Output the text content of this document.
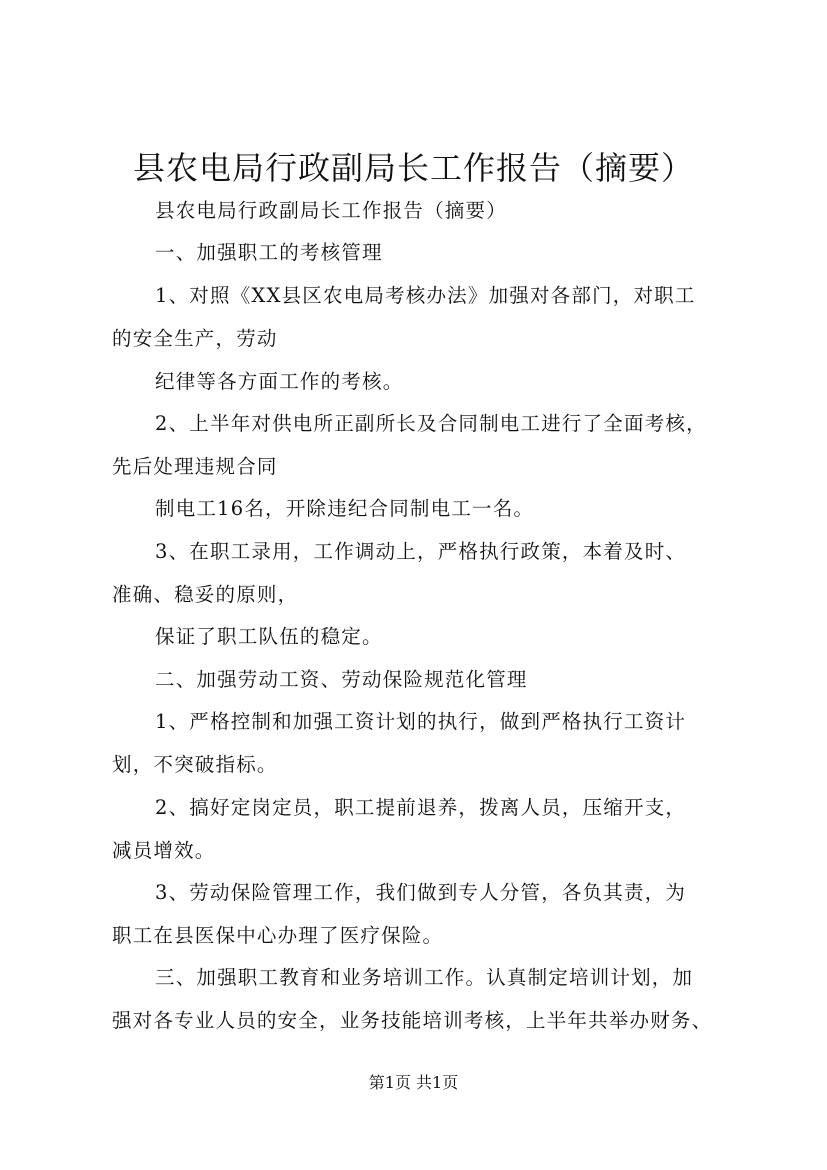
县农电局行政副局长工作报告（摘要）
县农电局行政副局长工作报告（摘要）
一、加强职工的考核管理
1、对照《XX县区农电局考核办法》加强对各部门，对职工
的安全生产，劳动
纪律等各方面工作的考核。
2、上半年对供电所正副所长及合同制电工进行了全面考核，
先后处理违规合同
制电工16名，开除违纪合同制电工一名。
3、在职工录用，工作调动上，严格执行政策，本着及时、
准确、稳妥的原则，
保证了职工队伍的稳定。
二、加强劳动工资、劳动保险规范化管理
1、严格控制和加强工资计划的执行，做到严格执行工资计
划，不突破指标。
2、搞好定岗定员，职工提前退养，拨离人员，压缩开支，
减员增效。
3、劳动保险管理工作，我们做到专人分管，各负其责，为
职工在县医保中心办理了医疗保险。
三、加强职工教育和业务培训工作。认真制定培训计划，加
强对各专业人员的安全，业务技能培训考核，上半年共举办财务、
第1页 共1页
